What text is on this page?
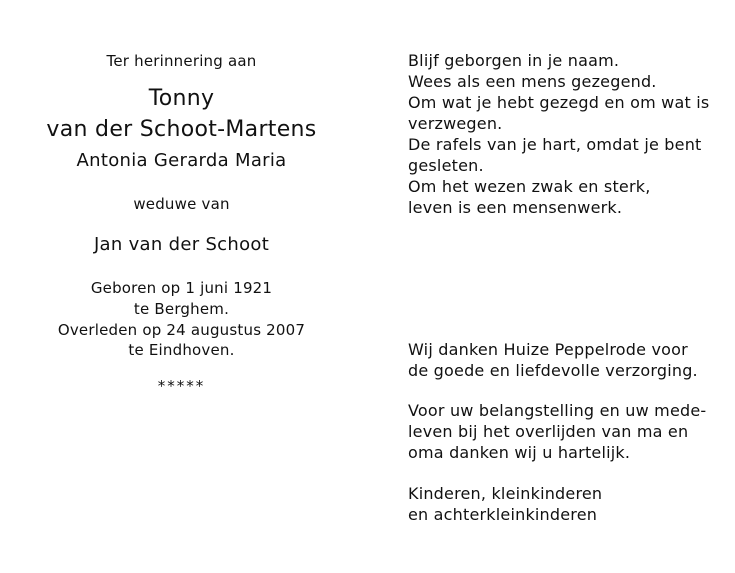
Ter herinnering aan
Tonny
van der Schoot-Martens
Antonia Gerarda Maria
weduwe van
Jan van der Schoot
Geboren op 1 juni 1921
te Berghem.
Overleden op 24 augustus 2007
te Eindhoven.
*****
Blijf geborgen in je naam.
Wees als een mens gezegend.
Om wat je hebt gezegd en om wat is
verzwegen.
De rafels van je hart, omdat je bent
gesleten.
Om het wezen zwak en sterk,
leven is een mensenwerk.
Wij danken Huize Peppelrode voor
de goede en liefdevolle verzorging.
Voor uw belangstelling en uw mede-
leven bij het overlijden van ma en
oma danken wij u hartelijk.
Kinderen, kleinkinderen
en achterkleinkinderen
